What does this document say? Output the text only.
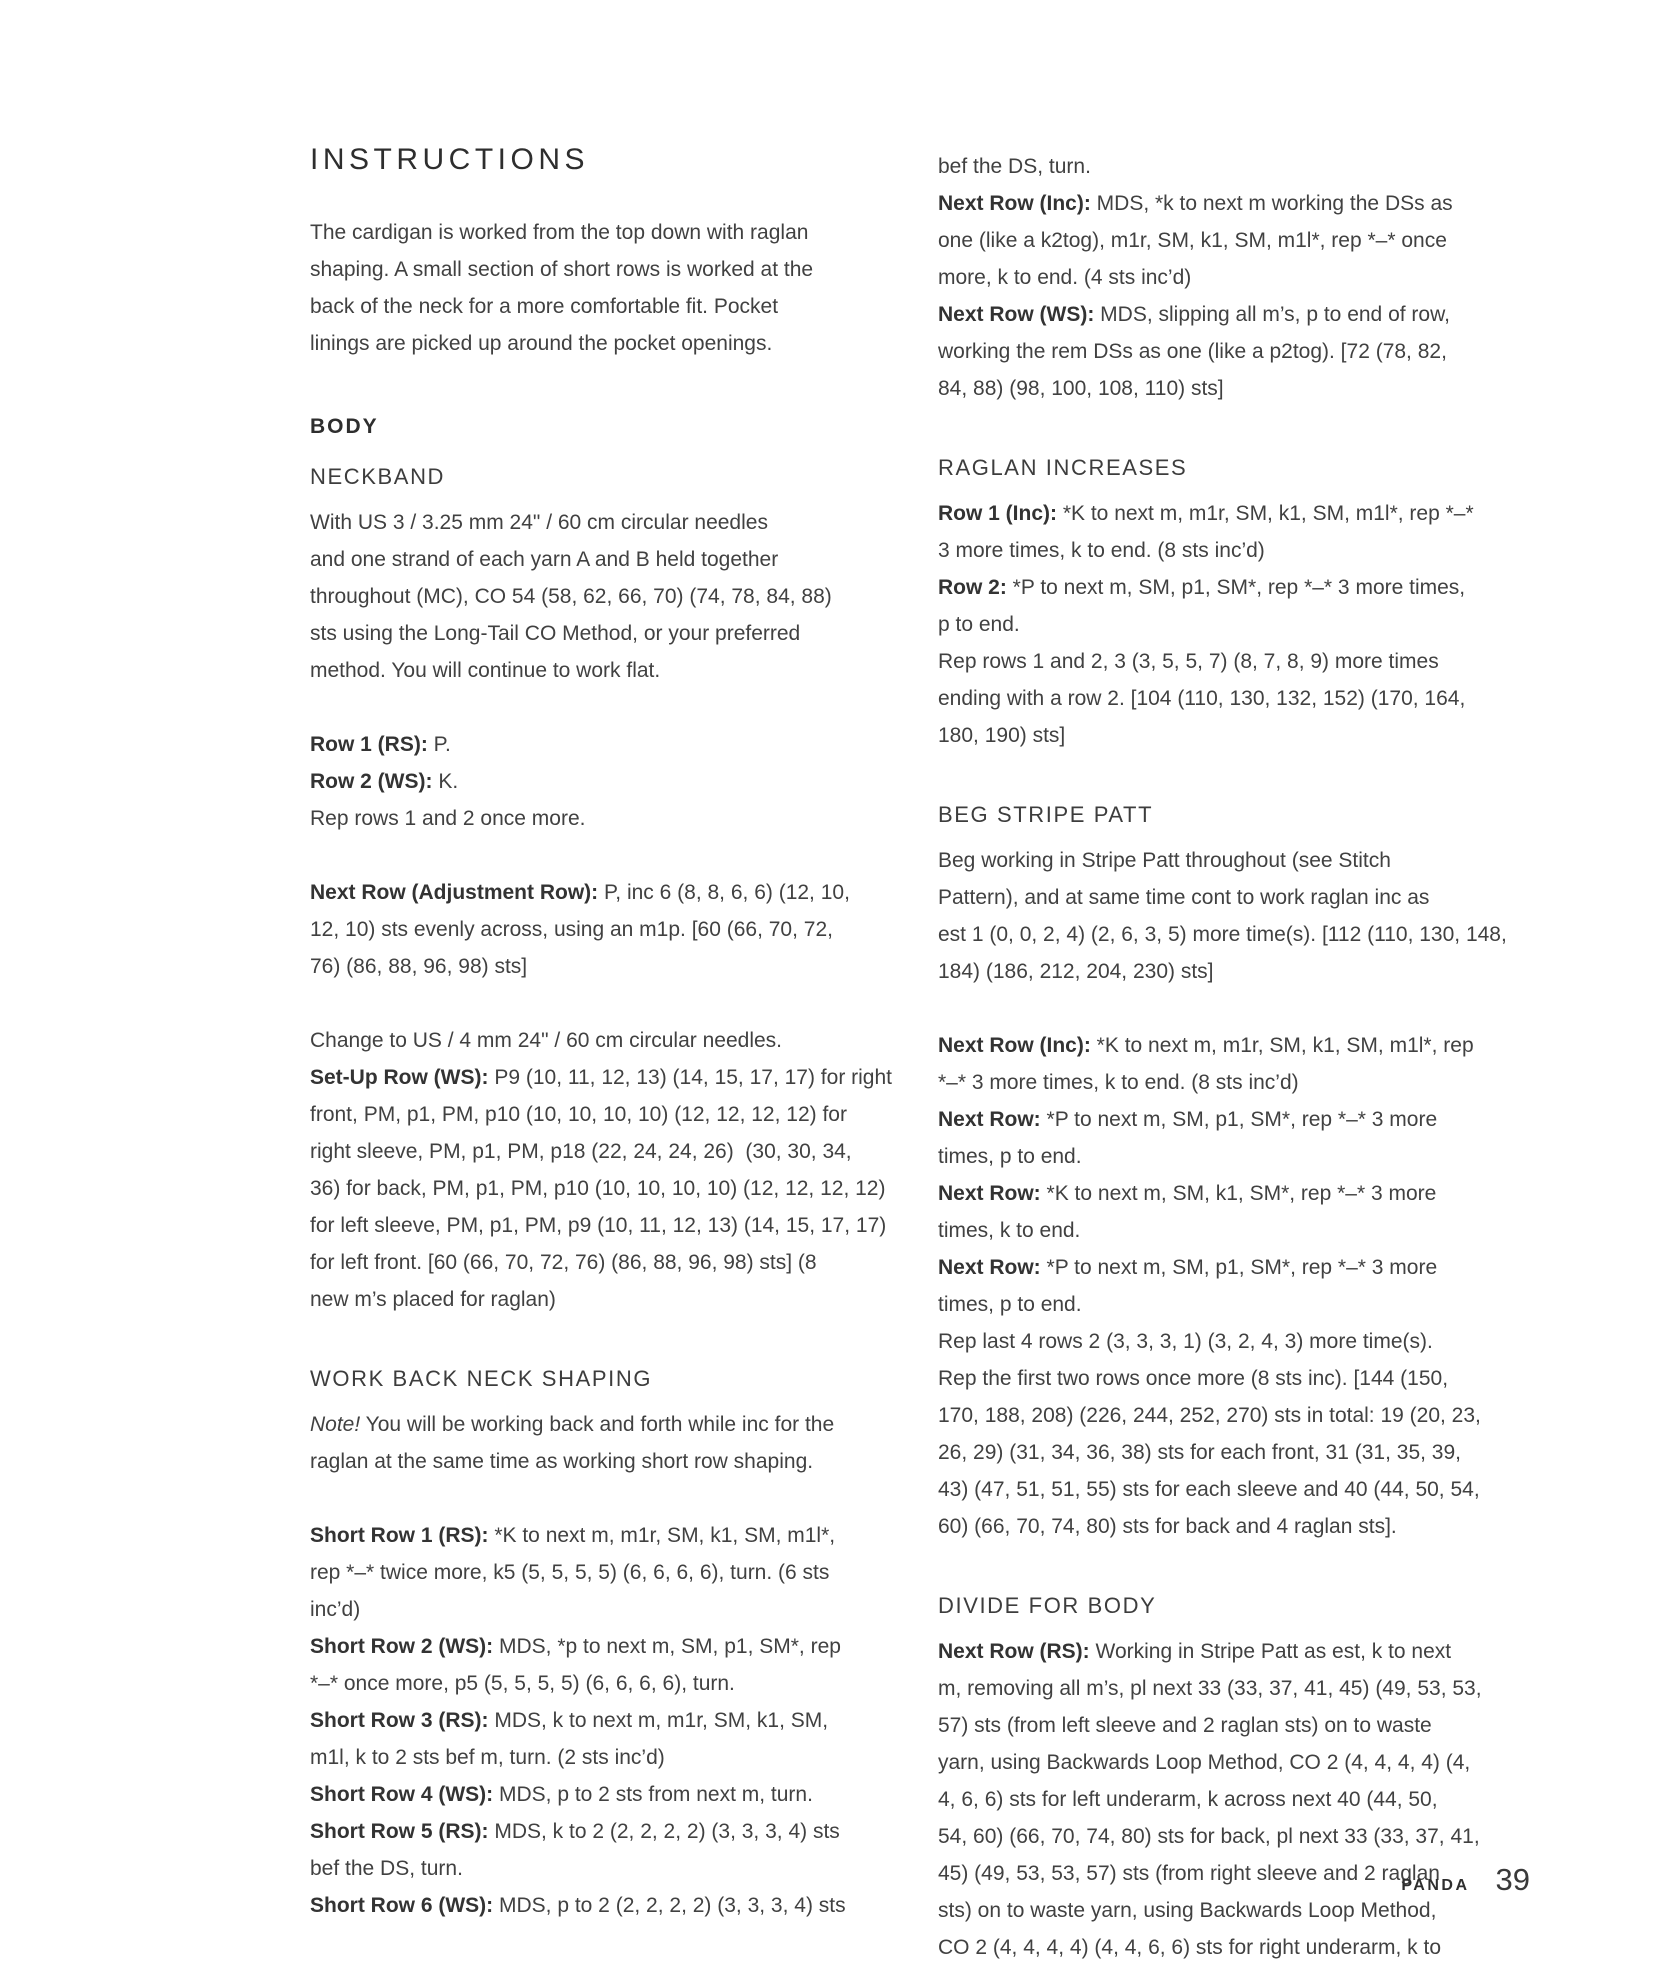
INSTRUCTIONS
The cardigan is worked from the top down with raglan
shaping. A small section of short rows is worked at the
back of the neck for a more comfortable fit. Pocket
linings are picked up around the pocket openings.
BODY
NECKBAND
With US 3 / 3.25 mm 24" / 60 cm circular needles
and one strand of each yarn A and B held together
throughout (MC), CO 54 (58, 62, 66, 70) (74, 78, 84, 88)
sts using the Long-Tail CO Method, or your preferred
method. You will continue to work flat.
Row 1 (RS): P.
Row 2 (WS): K.
Rep rows 1 and 2 once more.
Next Row (Adjustment Row): P, inc 6 (8, 8, 6, 6) (12, 10,
12, 10) sts evenly across, using an m1p. [60 (66, 70, 72,
76) (86, 88, 96, 98) sts]
Change to US / 4 mm 24" / 60 cm circular needles.
Set-Up Row (WS): P9 (10, 11, 12, 13) (14, 15, 17, 17) for right
front, PM, p1, PM, p10 (10, 10, 10, 10) (12, 12, 12, 12) for
right sleeve, PM, p1, PM, p18 (22, 24, 24, 26)  (30, 30, 34,
36) for back, PM, p1, PM, p10 (10, 10, 10, 10) (12, 12, 12, 12)
for left sleeve, PM, p1, PM, p9 (10, 11, 12, 13) (14, 15, 17, 17)
for left front. [60 (66, 70, 72, 76) (86, 88, 96, 98) sts] (8
new m’s placed for raglan)
WORK BACK NECK SHAPING
Note! You will be working back and forth while inc for the
raglan at the same time as working short row shaping.
Short Row 1 (RS): *K to next m, m1r, SM, k1, SM, m1l*,
rep *–* twice more, k5 (5, 5, 5, 5) (6, 6, 6, 6), turn. (6 sts
inc’d)
Short Row 2 (WS): MDS, *p to next m, SM, p1, SM*, rep
*–* once more, p5 (5, 5, 5, 5) (6, 6, 6, 6), turn.
Short Row 3 (RS): MDS, k to next m, m1r, SM, k1, SM,
m1l, k to 2 sts bef m, turn. (2 sts inc’d)
Short Row 4 (WS): MDS, p to 2 sts from next m, turn.
Short Row 5 (RS): MDS, k to 2 (2, 2, 2, 2) (3, 3, 3, 4) sts
bef the DS, turn.
Short Row 6 (WS): MDS, p to 2 (2, 2, 2, 2) (3, 3, 3, 4) sts
bef the DS, turn.
Next Row (Inc): MDS, *k to next m working the DSs as
one (like a k2tog), m1r, SM, k1, SM, m1l*, rep *–* once
more, k to end. (4 sts inc’d)
Next Row (WS): MDS, slipping all m’s, p to end of row,
working the rem DSs as one (like a p2tog). [72 (78, 82,
84, 88) (98, 100, 108, 110) sts]
RAGLAN INCREASES
Row 1 (Inc): *K to next m, m1r, SM, k1, SM, m1l*, rep *–*
3 more times, k to end. (8 sts inc’d)
Row 2: *P to next m, SM, p1, SM*, rep *–* 3 more times,
p to end.
Rep rows 1 and 2, 3 (3, 5, 5, 7) (8, 7, 8, 9) more times
ending with a row 2. [104 (110, 130, 132, 152) (170, 164,
180, 190) sts]
BEG STRIPE PATT
Beg working in Stripe Patt throughout (see Stitch
Pattern), and at same time cont to work raglan inc as
est 1 (0, 0, 2, 4) (2, 6, 3, 5) more time(s). [112 (110, 130, 148,
184) (186, 212, 204, 230) sts]
Next Row (Inc): *K to next m, m1r, SM, k1, SM, m1l*, rep
*–* 3 more times, k to end. (8 sts inc’d)
Next Row: *P to next m, SM, p1, SM*, rep *–* 3 more
times, p to end.
Next Row: *K to next m, SM, k1, SM*, rep *–* 3 more
times, k to end.
Next Row: *P to next m, SM, p1, SM*, rep *–* 3 more
times, p to end.
Rep last 4 rows 2 (3, 3, 3, 1) (3, 2, 4, 3) more time(s).
Rep the first two rows once more (8 sts inc). [144 (150,
170, 188, 208) (226, 244, 252, 270) sts in total: 19 (20, 23,
26, 29) (31, 34, 36, 38) sts for each front, 31 (31, 35, 39,
43) (47, 51, 51, 55) sts for each sleeve and 40 (44, 50, 54,
60) (66, 70, 74, 80) sts for back and 4 raglan sts].
DIVIDE FOR BODY
Next Row (RS): Working in Stripe Patt as est, k to next
m, removing all m’s, pl next 33 (33, 37, 41, 45) (49, 53, 53,
57) sts (from left sleeve and 2 raglan sts) on to waste
yarn, using Backwards Loop Method, CO 2 (4, 4, 4, 4) (4,
4, 6, 6) sts for left underarm, k across next 40 (44, 50,
54, 60) (66, 70, 74, 80) sts for back, pl next 33 (33, 37, 41,
45) (49, 53, 53, 57) sts (from right sleeve and 2 raglan
sts) on to waste yarn, using Backwards Loop Method,
CO 2 (4, 4, 4, 4) (4, 4, 6, 6) sts for right underarm, k to
PANDA 39
